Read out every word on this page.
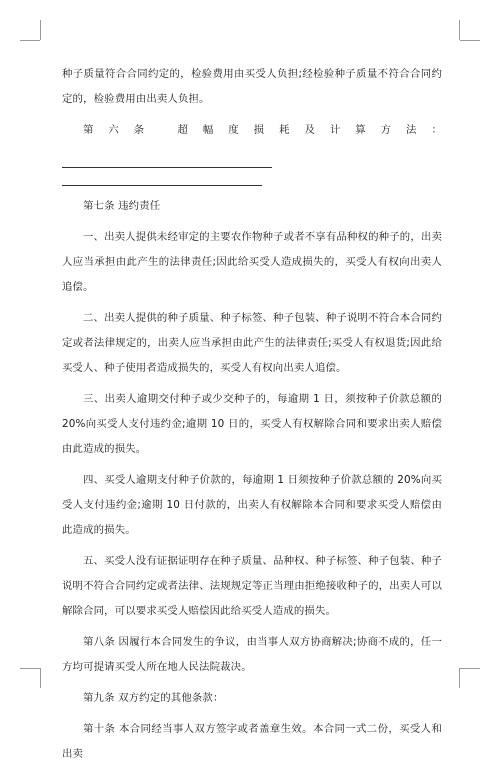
种子质量符合合同约定的，检验费用由买受人负担;经检验种子质量不符合合同约定的，检验费用由出卖人负担。

第六条 超幅度损耗及计算方法：

第七条 违约责任

一、出卖人提供未经审定的主要农作物种子或者不享有品种权的种子的，出卖人应当承担由此产生的法律责任;因此给买受人造成损失的，买受人有权向出卖人追偿。

二、出卖人提供的种子质量、种子标签、种子包装、种子说明不符合本合同约定或者法律规定的，出卖人应当承担由此产生的法律责任;买受人有权退货;因此给买受人、种子使用者造成损失的，买受人有权向出卖人追偿。

三、出卖人逾期交付种子或少交种子的，每逾期 1 日，须按种子价款总额的 20%向买受人支付违约金;逾期 10 日的，买受人有权解除合同和要求出卖人赔偿由此造成的损失。

四、买受人逾期支付种子价款的，每逾期 1 日须按种子价款总额的 20%向买受人支付违约金;逾期 10 日付款的，出卖人有权解除本合同和要求买受人赔偿由此造成的损失。

五、买受人没有证据证明存在种子质量、品种权、种子标签、种子包装、种子说明不符合合同约定或者法律、法规规定等正当理由拒绝接收种子的，出卖人可以解除合同，可以要求买受人赔偿因此给买受人造成的损失。

第八条 因履行本合同发生的争议，由当事人双方协商解决;协商不成的，任一方均可提请买受人所在地人民法院裁决。

第九条 双方约定的其他条款：

第十条 本合同经当事人双方签字或者盖章生效。本合同一式二份，买受人和出卖
